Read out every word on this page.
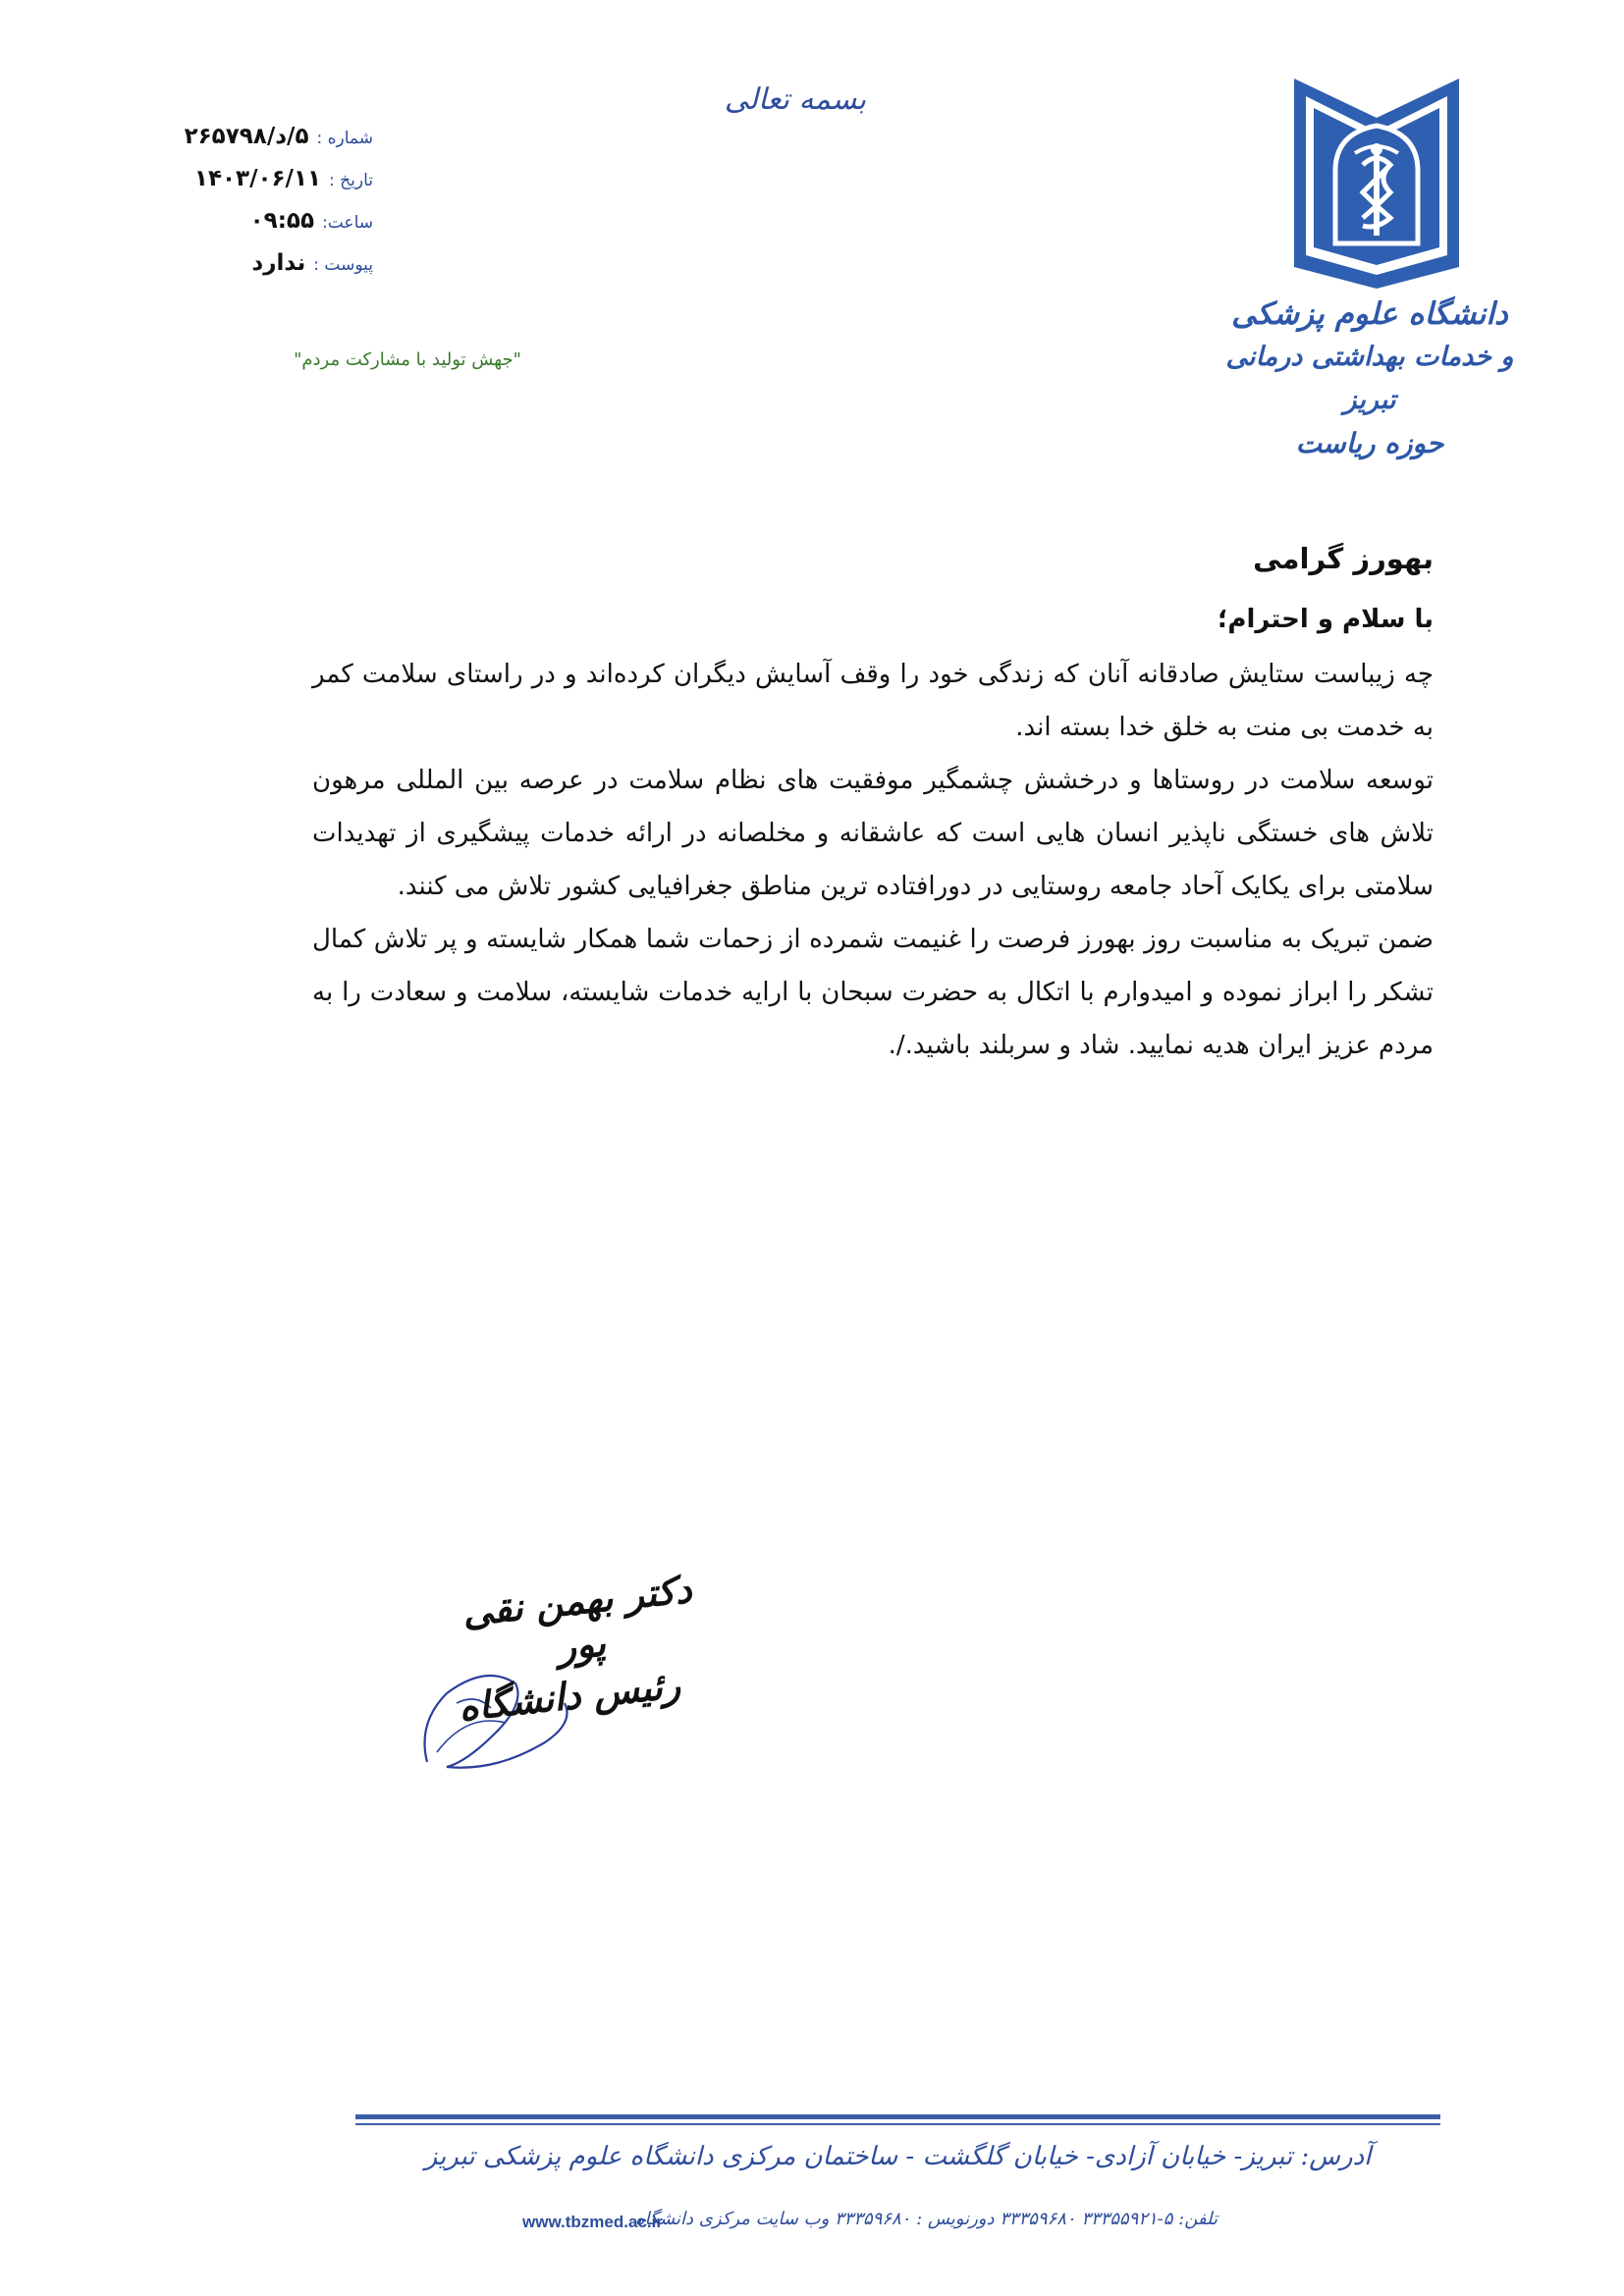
بسمه تعالی
شماره :۵/د/۲۶۵۷۹۸
تاریخ :۱۴۰۳/۰۶/۱۱
ساعت:۰۹:۵۵
پیوست :ندارد
"جهش تولید با مشارکت مردم"
دانشگاه علوم پزشکی
و خدمات بهداشتی درمانی تبریز
حوزه ریاست
بهورز گرامی
با سلام و احترام؛

چه زیباست ستایش صادقانه آنان که زندگی خود را وقف آسایش دیگران کرده‌اند و در راستای سلامت کمر به خدمت بی منت به خلق خدا بسته اند.

توسعه سلامت در روستاها و درخشش چشمگیر موفقیت های نظام سلامت در عرصه بین المللی مرهون تلاش های خستگی ناپذیر انسان هایی است که عاشقانه و مخلصانه در ارائه خدمات پیشگیری از تهدیدات سلامتی برای یکایک آحاد جامعه روستایی در دورافتاده ترین مناطق جغرافیایی کشور تلاش می کنند.

ضمن تبریک به مناسبت روز بهورز فرصت را غنیمت شمرده از زحمات شما همکار شایسته و پر تلاش کمال تشکر را ابراز نموده و امیدوارم با اتکال به حضرت سبحان با ارایه خدمات شایسته، سلامت و سعادت را به مردم عزیز ایران هدیه نمایید. شاد و سربلند باشید./.

دکتر بهمن نقی پور
رئیس دانشگاه
آدرس: تبریز- خیابان آزادی- خیابان گلگشت - ساختمان مرکزی دانشگاه علوم پزشکی تبریز
تلفن: ۵-۳۳۳۵۵۹۲۱ ۳۳۳۵۹۶۸۰ دورنویس : ۳۳۳۵۹۶۸۰ وب سایت مرکزی دانشگاه
www.tbzmed.ac.ir
